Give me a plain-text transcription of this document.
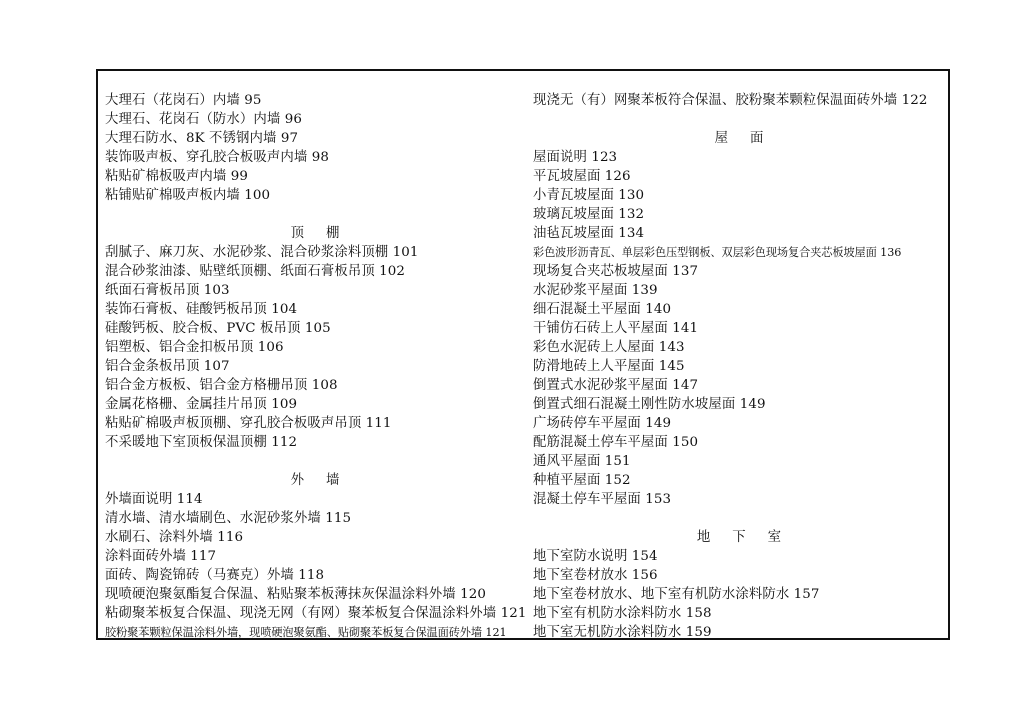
大理石（花岗石）内墙 95
大理石、花岗石（防水）内墙 96
大理石防水、8K 不锈钢内墙 97
装饰吸声板、穿孔胶合板吸声内墙 98
粘贴矿棉板吸声内墙 99
粘铺贴矿棉吸声板内墙 100
顶棚
刮腻子、麻刀灰、水泥砂浆、混合砂浆涂料顶棚 101
混合砂浆油漆、贴壁纸顶棚、纸面石膏板吊顶 102
纸面石膏板吊顶 103
装饰石膏板、硅酸钙板吊顶 104
硅酸钙板、胶合板、PVC 板吊顶 105
铝塑板、铝合金扣板吊顶 106
铝合金条板吊顶 107
铝合金方板板、铝合金方格栅吊顶 108
金属花格栅、金属挂片吊顶 109
粘贴矿棉吸声板顶棚、穿孔胶合板吸声吊顶 111
不采暖地下室顶板保温顶棚 112
外墙
外墙面说明 114
清水墙、清水墙刷色、水泥砂浆外墙 115
水刷石、涂料外墙 116
涂料面砖外墙 117
面砖、陶瓷锦砖（马赛克）外墙 118
现喷硬泡聚氨酯复合保温、粘贴聚苯板薄抹灰保温涂料外墙 120
粘砌聚苯板复合保温、现浇无网（有网）聚苯板复合保温涂料外墙 121
胶粉聚苯颗粒保温涂料外墙，现喷硬泡聚氨酯、贴砌聚苯板复合保温面砖外墙 121
现浇无（有）网聚苯板符合保温、胶粉聚苯颗粒保温面砖外墙 122
屋面
屋面说明 123
平瓦坡屋面 126
小青瓦坡屋面 130
玻璃瓦坡屋面 132
油毡瓦坡屋面 134
彩色波形沥青瓦、单层彩色压型钢板、双层彩色现场复合夹芯板坡屋面 136
现场复合夹芯板坡屋面 137
水泥砂浆平屋面 139
细石混凝土平屋面 140
干铺仿石砖上人平屋面 141
彩色水泥砖上人屋面 143
防滑地砖上人平屋面 145
倒置式水泥砂浆平屋面 147
倒置式细石混凝土刚性防水坡屋面 149
广场砖停车平屋面 149
配筋混凝土停车平屋面 150
通风平屋面 151
种植平屋面 152
混凝土停车平屋面 153
地下室
地下室防水说明 154
地下室卷材放水 156
地下室卷材放水、地下室有机防水涂料防水 157
地下室有机防水涂料防水 158
地下室无机防水涂料防水 159
